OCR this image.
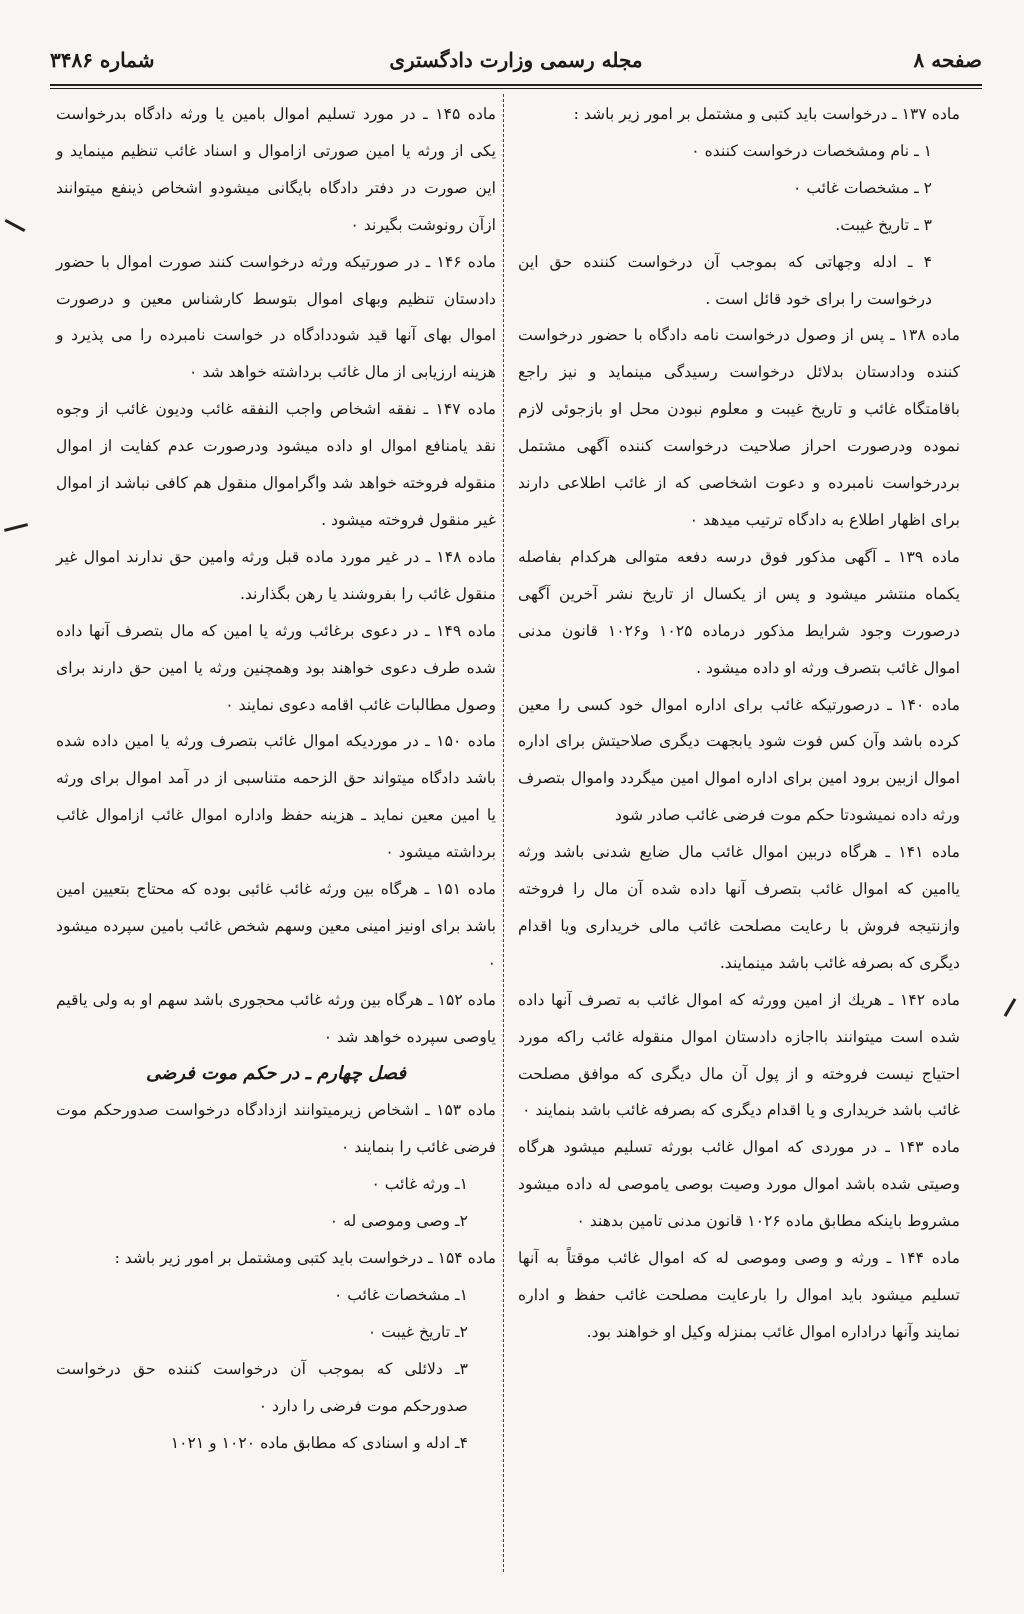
صفحه ۸
مجله رسمی وزارت دادگستری
شماره ۳۴۸۶

ماده ۱۳۷ ـ درخواست باید کتبی و مشتمل بر امور زیر باشد :

۱ ـ نام ومشخصات درخواست کننده ۰

۲ ـ مشخصات غائب ۰

۳ ـ تاریخ غیبت.

۴ ـ ادله وجهاتی که بموجب آن درخواست کننده حق این درخواست را برای خود قائل است .

ماده ۱۳۸ ـ پس از وصول درخواست نامه دادگاه با حضور درخواست کننده ودادستان بدلائل درخواست رسیدگی مینماید و نیز راجع باقامتگاه غائب و تاریخ غیبت و معلوم نبودن محل او بازجوئی لازم نموده ودرصورت احراز صلاحیت درخواست کننده آگهی مشتمل بردرخواست نامبرده و دعوت اشخاصی که از غائب اطلاعی دارند برای اظهار اطلاع به دادگاه ترتیب میدهد ۰

ماده ۱۳۹ ـ آگهی مذکور فوق درسه دفعه متوالی هرکدام بفاصله یکماه منتشر میشود و پس از یکسال از تاریخ نشر آخرین آگهی درصورت وجود شرایط مذکور درماده ۱۰۲۵ و۱۰۲۶ قانون مدنی اموال غائب بتصرف ورثه او داده میشود .

ماده ۱۴۰ ـ درصورتیکه غائب برای اداره اموال خود کسی را معین کرده باشد وآن کس فوت شود یابجهت دیگری صلاحیتش برای اداره اموال ازبین برود امین برای اداره اموال امین میگردد واموال بتصرف ورثه داده نمیشودتا حکم موت فرضی غائب صادر شود

ماده ۱۴۱ ـ هرگاه دربین اموال غائب مال ضایع شدنی باشد ورثه یاامین که اموال غائب بتصرف آنها داده شده آن مال را فروخته وازنتیجه فروش با رعایت مصلحت غائب مالی خریداری ویا اقدام دیگری که بصرفه غائب باشد مینمایند.

ماده ۱۴۲ ـ هریك از امین وورثه که اموال غائب به تصرف آنها داده شده است میتوانند بااجازه دادستان اموال منقوله غائب راکه مورد احتیاج نیست فروخته و از پول آن مال دیگری که موافق مصلحت غائب باشد خریداری و یا اقدام دیگری که بصرفه غائب باشد بنمایند ۰

ماده ۱۴۳ ـ در موردی که اموال غائب بورثه تسلیم میشود هرگاه وصیتی شده باشد اموال مورد وصیت بوصی یاموصی له داده میشود مشروط باینکه مطابق ماده ۱۰۲۶ قانون مدنی تامین بدهند ۰

ماده ۱۴۴ ـ ورثه و وصی وموصی له که اموال غائب موقتاً به آنها تسلیم میشود باید اموال را بارعایت مصلحت غائب حفظ و اداره نمایند وآنها دراداره اموال غائب بمنزله وکیل او خواهند بود.

ماده ۱۴۵ ـ در مورد تسلیم اموال بامین یا ورثه دادگاه بدرخواست یکی از ورثه یا امین صورتی ازاموال و اسناد غائب تنظیم مینماید و این صورت در دفتر دادگاه بایگانی میشودو اشخاص ذینفع میتوانند ازآن رونوشت بگیرند ۰

ماده ۱۴۶ ـ در صورتیکه ورثه درخواست کنند صورت اموال با حضور دادستان تنظیم وبهای اموال بتوسط کارشناس معین و درصورت اموال بهای آنها قید شوددادگاه در خواست نامبرده را می پذیرد و هزینه ارزیابی از مال غائب برداشته خواهد شد ۰

ماده ۱۴۷ ـ نفقه اشخاص واجب النفقه غائب وديون غائب از وجوه نقد یامنافع اموال او داده میشود ودرصورت عدم کفایت از اموال منقوله فروخته خواهد شد واگراموال منقول هم کافی نباشد از اموال غیر منقول فروخته میشود .

ماده ۱۴۸ ـ در غیر مورد ماده قبل ورثه وامین حق ندارند اموال غیر منقول غائب را بفروشند یا رهن بگذارند.

ماده ۱۴۹ ـ در دعوی برغائب ورثه یا امین که مال بتصرف آنها داده شده طرف دعوی خواهند بود وهمچنین ورثه یا امین حق دارند برای وصول مطالبات غائب اقامه دعوی نمایند ۰

ماده ۱۵۰ ـ در موردیکه اموال غائب بتصرف ورثه یا امین داده شده باشد دادگاه میتواند حق الزحمه متناسبی از در آمد اموال برای ورثه یا امین معین نماید ـ هزینه حفظ واداره اموال غائب ازاموال غائب برداشته میشود ۰

ماده ۱۵۱ ـ هرگاه بین ورثه غائب غائبی بوده که محتاج بتعیین امین باشد برای اونیز امینی معین وسهم شخص غائب بامین سپرده میشود ۰

ماده ۱۵۲ ـ هرگاه بین ورثه غائب محجوری باشد سهم او به ولی یاقیم یاوصی سپرده خواهد شد ۰

فصل چهارم ـ در حکم موت فرضی

ماده ۱۵۳ ـ اشخاص زیرمیتوانند ازدادگاه درخواست صدورحکم موت فرضی غائب را بنمایند ۰

۱ـ ورثه غائب ۰

۲ـ وصی وموصی له ۰

ماده ۱۵۴ ـ درخواست باید کتبی ومشتمل بر امور زیر باشد :

۱ـ مشخصات غائب ۰

۲ـ تاریخ غیبت ۰

۳ـ دلائلی که بموجب آن درخواست کننده حق درخواست صدورحکم موت فرضی را دارد ۰

۴ـ ادله و اسنادی که مطابق ماده ۱۰۲۰ و ۱۰۲۱
